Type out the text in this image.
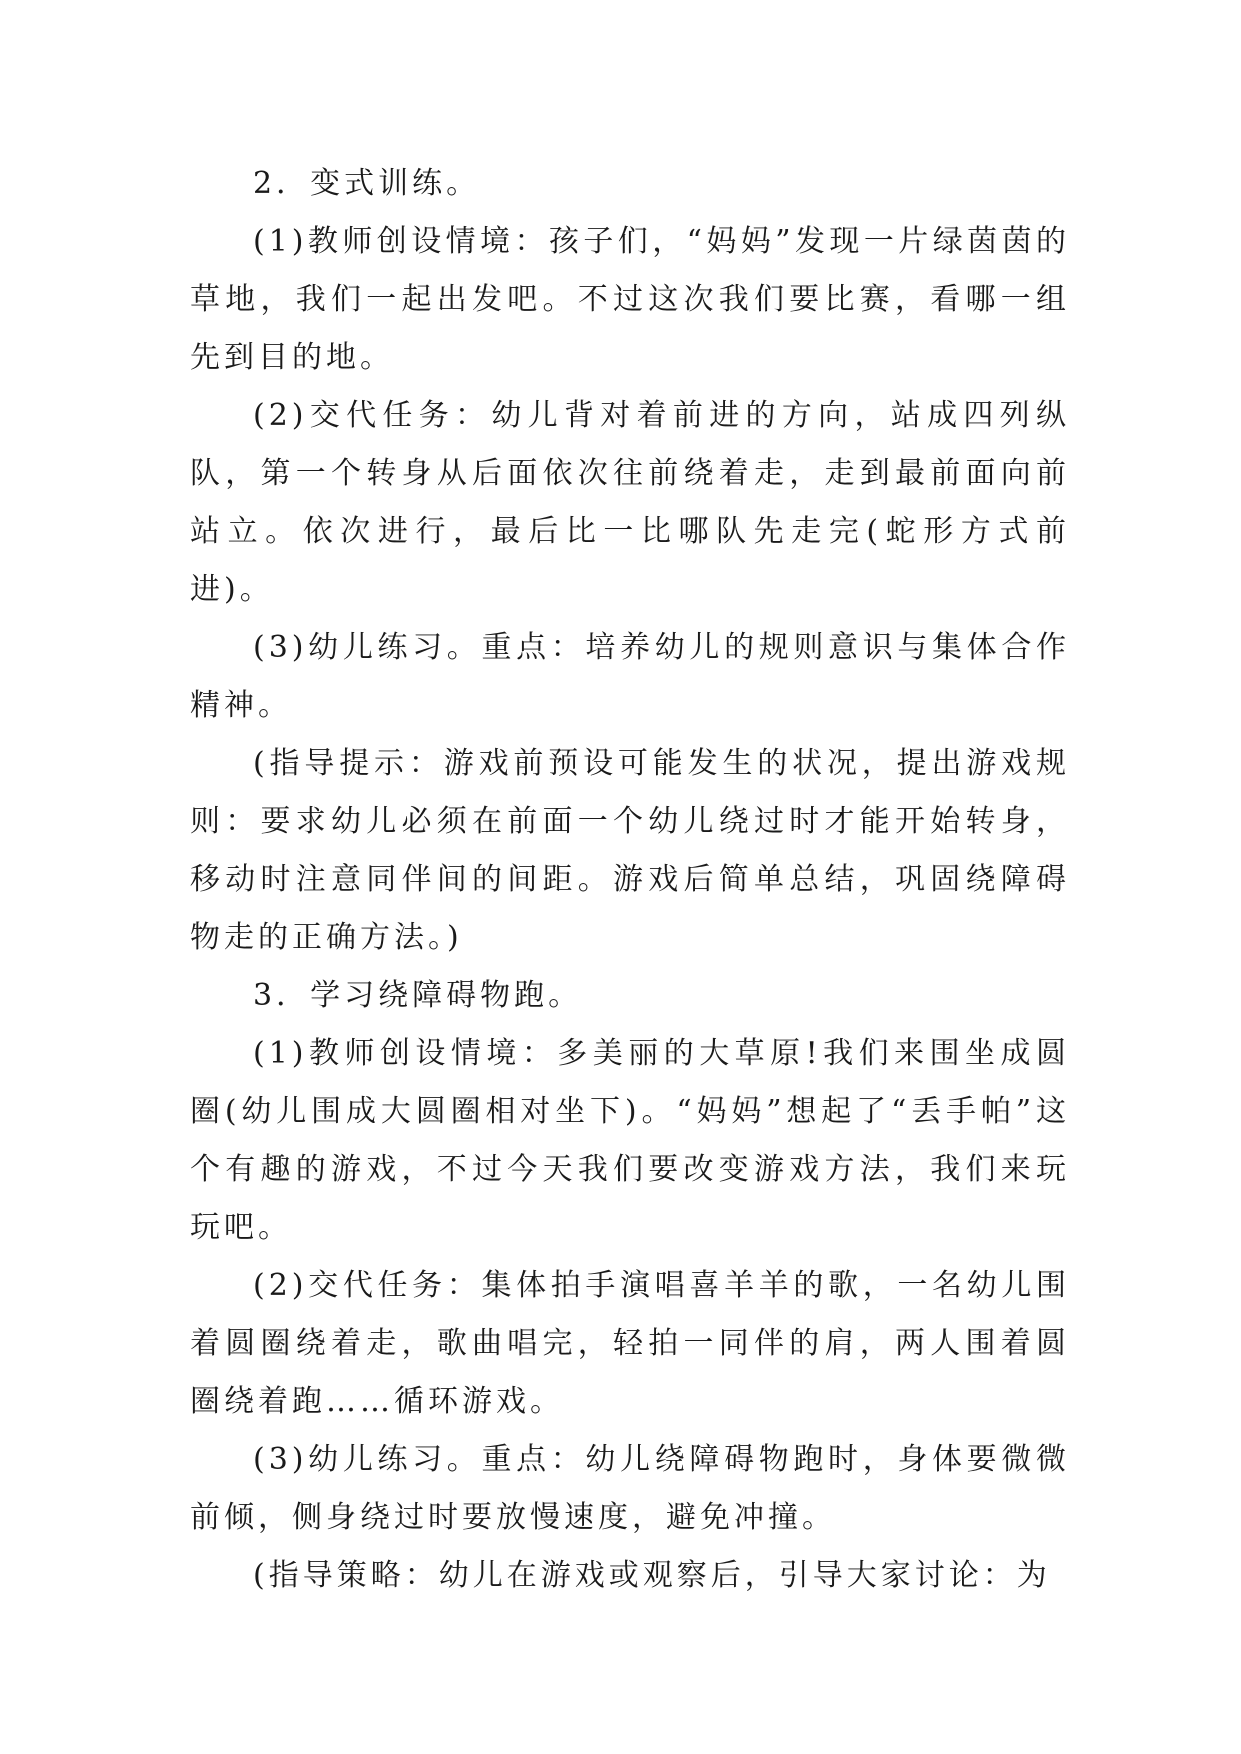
2．变式训练。

(1)教师创设情境：孩子们，“妈妈”发现一片绿茵茵的草地，我们一起出发吧。不过这次我们要比赛，看哪一组先到目的地。

(2)交代任务：幼儿背对着前进的方向，站成四列纵队，第一个转身从后面依次往前绕着走，走到最前面向前站立。依次进行，最后比一比哪队先走完(蛇形方式前进)。

(3)幼儿练习。重点：培养幼儿的规则意识与集体合作精神。

(指导提示：游戏前预设可能发生的状况，提出游戏规则：要求幼儿必须在前面一个幼儿绕过时才能开始转身，移动时注意同伴间的间距。游戏后简单总结，巩固绕障碍物走的正确方法。)

3．学习绕障碍物跑。

(1)教师创设情境：多美丽的大草原!我们来围坐成圆圈(幼儿围成大圆圈相对坐下)。“妈妈”想起了“丢手帕”这个有趣的游戏，不过今天我们要改变游戏方法，我们来玩玩吧。

(2)交代任务：集体拍手演唱喜羊羊的歌，一名幼儿围着圆圈绕着走，歌曲唱完，轻拍一同伴的肩，两人围着圆圈绕着跑……循环游戏。

(3)幼儿练习。重点：幼儿绕障碍物跑时，身体要微微前倾，侧身绕过时要放慢速度，避免冲撞。

(指导策略：幼儿在游戏或观察后，引导大家讨论：为
